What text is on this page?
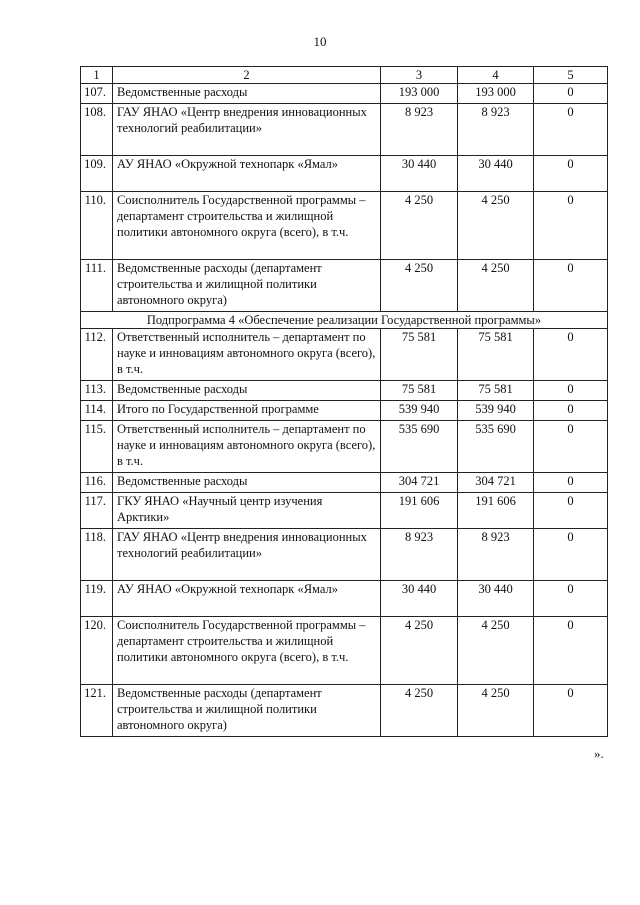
10
1	2	3	4	5
107.	Ведомственные расходы	193 000	193 000	0
108.	ГАУ ЯНАО «Центр внедрения инновационных технологий реабилитации»	8 923	8 923	0
109.	АУ ЯНАО «Окружной технопарк «Ямал»	30 440	30 440	0
110.	Соисполнитель Государственной программы – департамент строительства и жилищной политики автономного округа (всего), в т.ч.	4 250	4 250	0
111.	Ведомственные расходы (департамент строительства и жилищной политики автономного округа)	4 250	4 250	0
Подпрограмма 4 «Обеспечение реализации Государственной программы»				
112.	Ответственный исполнитель – департамент по науке и инновациям автономного округа (всего), в т.ч.	75 581	75 581	0
113.	Ведомственные расходы	75 581	75 581	0
114.	Итого по Государственной программе	539 940	539 940	0
115.	Ответственный исполнитель – департамент по науке и инновациям автономного округа (всего), в т.ч.	535 690	535 690	0
116.	Ведомственные расходы	304 721	304 721	0
117.	ГКУ ЯНАО «Научный центр изучения Арктики»	191 606	191 606	0
118.	ГАУ ЯНАО «Центр внедрения инновационных технологий реабилитации»	8 923	8 923	0
119.	АУ ЯНАО «Окружной технопарк «Ямал»	30 440	30 440	0
120.	Соисполнитель Государственной программы – департамент строительства и жилищной политики автономного округа (всего), в т.ч.	4 250	4 250	0
121.	Ведомственные расходы (департамент строительства и жилищной политики автономного округа)	4 250	4 250	0
».
